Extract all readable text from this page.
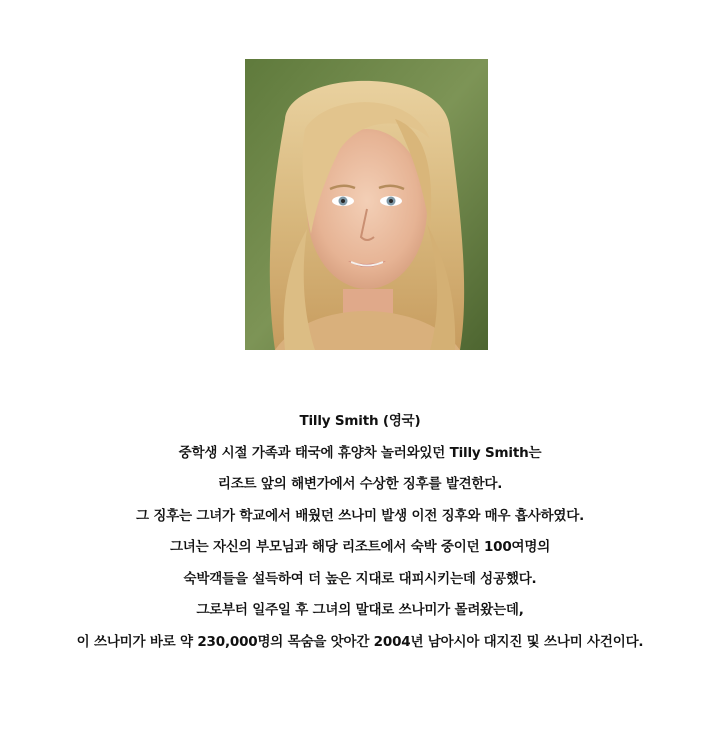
Tilly Smith (영국)
중학생 시절 가족과 태국에 휴양차 놀러와있던 Tilly Smith는
리조트 앞의 해변가에서 수상한 징후를 발견한다.
그 징후는 그녀가 학교에서 배웠던 쓰나미 발생 이전 징후와 매우 흡사하였다.
그녀는 자신의 부모님과 해당 리조트에서 숙박 중이던 100여명의
숙박객들을 설득하여 더 높은 지대로 대피시키는데 성공했다.
그로부터 일주일 후 그녀의 말대로 쓰나미가 몰려왔는데,
이 쓰나미가 바로 약 230,000명의 목숨을 앗아간 2004년 남아시아 대지진 및 쓰나미 사건이다.
